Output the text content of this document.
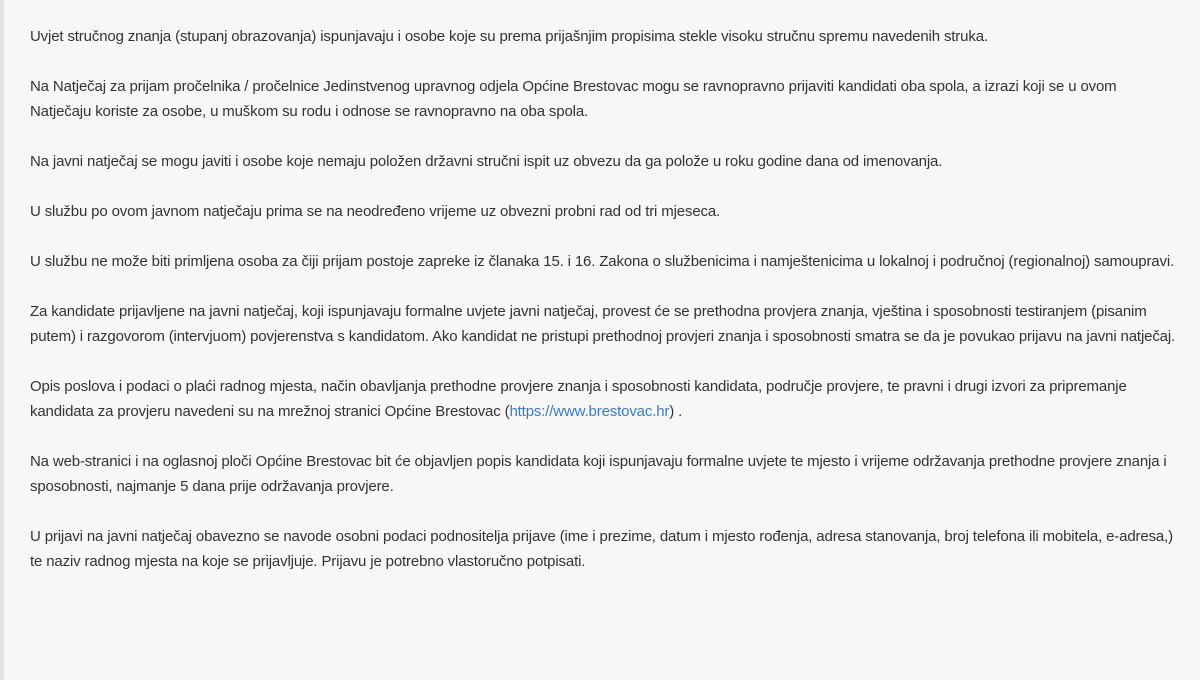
Uvjet stručnog znanja (stupanj obrazovanja) ispunjavaju i osobe koje su prema prijašnjim propisima stekle visoku stručnu spremu navedenih struka.

Na Natječaj za prijam pročelnika / pročelnice Jedinstvenog upravnog odjela Općine Brestovac mogu se ravnopravno prijaviti kandidati oba spola, a izrazi koji se u ovom Natječaju koriste za osobe, u muškom su rodu i odnose se ravnopravno na oba spola.

Na javni natječaj se mogu javiti i osobe koje nemaju položen državni stručni ispit uz obvezu da ga polože u roku godine dana od imenovanja.

U službu po ovom javnom natječaju prima se na neodređeno vrijeme uz obvezni probni rad od tri mjeseca.

U službu ne može biti primljena osoba za čiji prijam postoje zapreke iz članaka 15. i 16. Zakona o službenicima i namještenicima u lokalnoj i područnoj (regionalnoj) samoupravi.

Za kandidate prijavljene na javni natječaj, koji ispunjavaju formalne uvjete javni natječaj, provest će se prethodna provjera znanja, vještina i sposobnosti testiranjem (pisanim putem) i razgovorom (intervjuom) povjerenstva s kandidatom. Ako kandidat ne pristupi prethodnoj provjeri znanja i sposobnosti smatra se da je povukao prijavu na javni natječaj.

Opis poslova i podaci o plaći radnog mjesta, način obavljanja prethodne provjere znanja i sposobnosti kandidata, područje provjere, te pravni i drugi izvori za pripremanje kandidata za provjeru navedeni su na mrežnoj stranici Općine Brestovac (https://www.brestovac.hr) .

Na web-stranici i na oglasnoj ploči Općine Brestovac bit će objavljen popis kandidata koji ispunjavaju formalne uvjete te mjesto i vrijeme održavanja prethodne provjere znanja i sposobnosti, najmanje 5 dana prije održavanja provjere.

U prijavi na javni natječaj obavezno se navode osobni podaci podnositelja prijave (ime i prezime, datum i mjesto rođenja, adresa stanovanja, broj telefona ili mobitela, e-adresa,) te naziv radnog mjesta na koje se prijavljuje. Prijavu je potrebno vlastoručno potpisati.
